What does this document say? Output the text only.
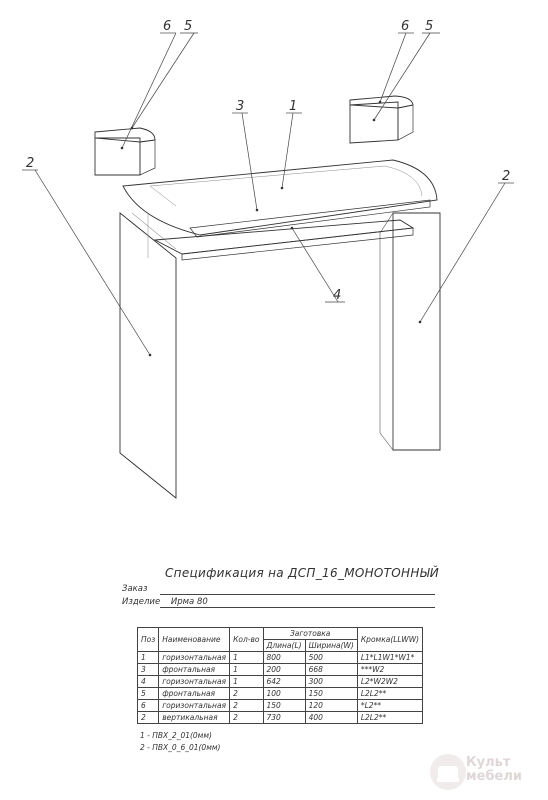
6 5	6 5
3	1
2
2
4
Спецификация на ДСП_16_МОНОТОННЫЙ
Заказ
Изделие Ирма 80
Поз	Наименование	Кол-во	Заготовка		Кромка(LLWW)
			Длина(L)	Ширина(W)	
1	горизонтальная	1	800	500	L1*L1W1*W1*
3	фронтальная	1	200	668	***W2
4	горизонтальная	1	642	300	L2*W2W2
5	фронтальная	2	100	150	L2L2**
6	горизонтальная	2	150	120	*L2**
2	вертикальная	2	730	400	L2L2**
1 - ПВХ_2_01(0мм)
2 - ПВХ_0_6_01(0мм)
Культ
мебели
